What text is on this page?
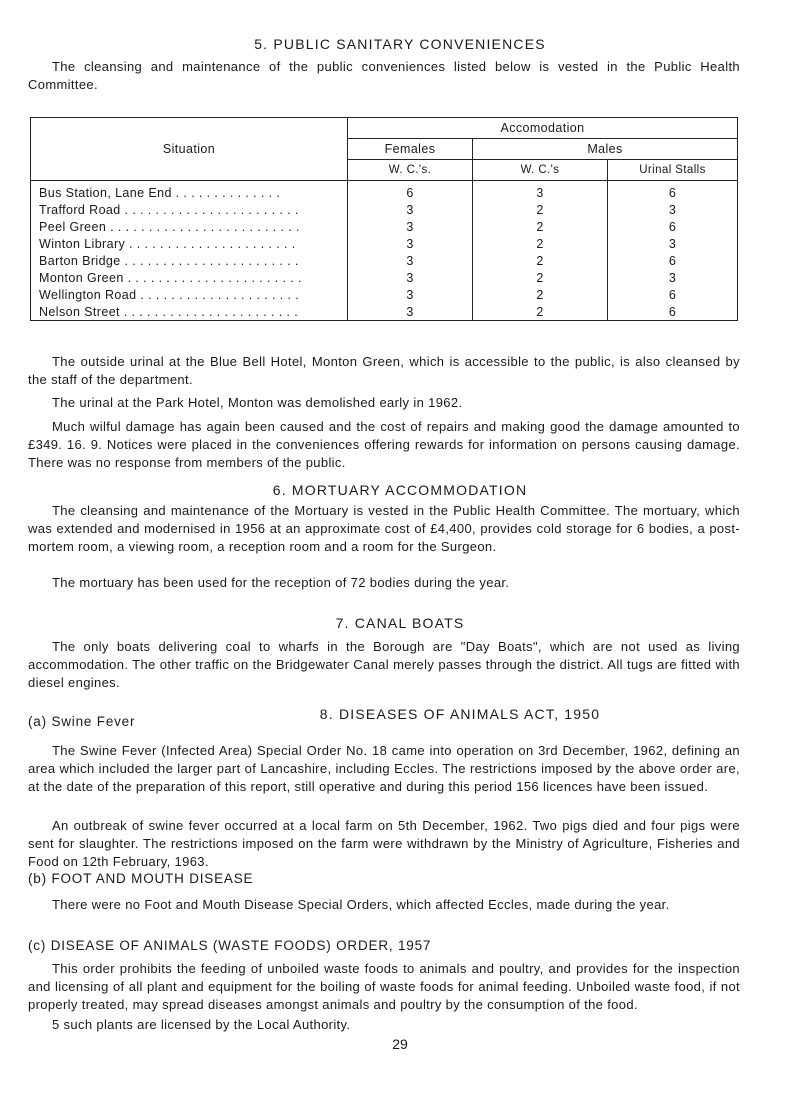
5. PUBLIC SANITARY CONVENIENCES

The cleansing and maintenance of the public conveniences listed below is vested in the Public Health Committee.

Situation	Accomodation		
	Females	Males	
	W. C.'s.	W. C.'s	Urinal Stalls
Bus Station, Lane End . . . . . . . . . . . . . .	6	3	6
Trafford Road . . . . . . . . . . . . . . . . . . . . . . .	3	2	3
Peel Green . . . . . . . . . . . . . . . . . . . . . . . . .	3	2	6
Winton Library . . . . . . . . . . . . . . . . . . . . . .	3	2	3
Barton Bridge . . . . . . . . . . . . . . . . . . . . . . .	3	2	6
Monton Green . . . . . . . . . . . . . . . . . . . . . . .	3	2	3
Wellington Road . . . . . . . . . . . . . . . . . . . . .	3	2	6
Nelson Street . . . . . . . . . . . . . . . . . . . . . . .	3	2	6

The outside urinal at the Blue Bell Hotel, Monton Green, which is accessible to the public, is also cleansed by the staff of the department.

The urinal at the Park Hotel, Monton was demolished early in 1962.

Much wilful damage has again been caused and the cost of repairs and making good the damage amounted to £349. 16. 9. Notices were placed in the conveniences offering rewards for information on persons causing damage. There was no response from members of the public.

6. MORTUARY ACCOMMODATION

The cleansing and maintenance of the Mortuary is vested in the Public Health Committee. The mortuary, which was extended and modernised in 1956 at an approximate cost of £4,400, provides cold storage for 6 bodies, a post-mortem room, a viewing room, a reception room and a room for the Surgeon.

The mortuary has been used for the reception of 72 bodies during the year.

7. CANAL BOATS

The only boats delivering coal to wharfs in the Borough are "Day Boats", which are not used as living accommodation. The other traffic on the Bridgewater Canal merely passes through the district. All tugs are fitted with diesel engines.

(a) Swine Fever	8. DISEASES OF ANIMALS ACT, 1950

The Swine Fever (Infected Area) Special Order No. 18 came into operation on 3rd December, 1962, defining an area which included the larger part of Lancashire, including Eccles. The restrictions imposed by the above order are, at the date of the preparation of this report, still operative and during this period 156 licences have been issued.

An outbreak of swine fever occurred at a local farm on 5th December, 1962. Two pigs died and four pigs were sent for slaughter. The restrictions imposed on the farm were withdrawn by the Ministry of Agriculture, Fisheries and Food on 12th February, 1963.

(b) FOOT AND MOUTH DISEASE

There were no Foot and Mouth Disease Special Orders, which affected Eccles, made during the year.

(c) DISEASE OF ANIMALS (WASTE FOODS) ORDER, 1957

This order prohibits the feeding of unboiled waste foods to animals and poultry, and provides for the inspection and licensing of all plant and equipment for the boiling of waste foods for animal feeding. Unboiled waste food, if not properly treated, may spread diseases amongst animals and poultry by the consumption of the food.

5 such plants are licensed by the Local Authority.

29
